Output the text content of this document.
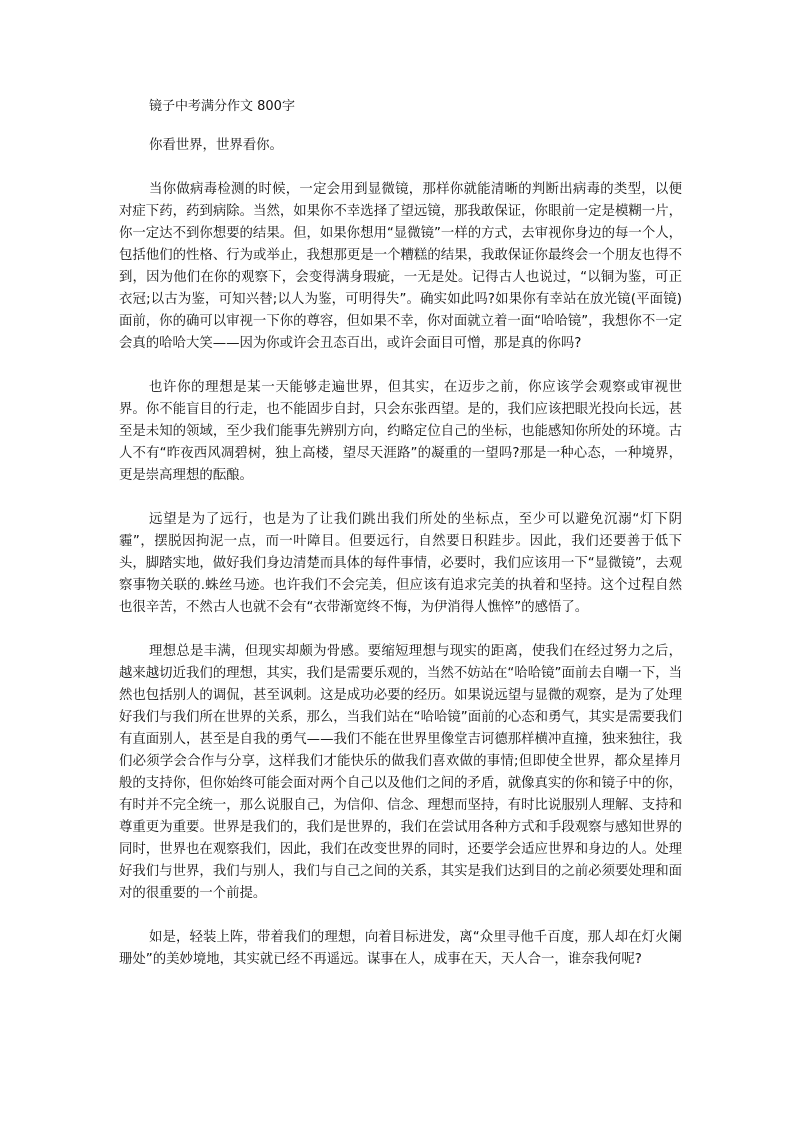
镜子中考满分作文 800字

你看世界，世界看你。

当你做病毒检测的时候，一定会用到显微镜，那样你就能清晰的判断出病毒的类型，以便对症下药，药到病除。当然，如果你不幸选择了望远镜，那我敢保证，你眼前一定是模糊一片，你一定达不到你想要的结果。但，如果你想用“显微镜”一样的方式，去审视你身边的每一个人，包括他们的性格、行为或举止，我想那更是一个糟糕的结果，我敢保证你最终会一个朋友也得不到，因为他们在你的观察下，会变得满身瑕疵，一无是处。记得古人也说过，“以铜为鉴，可正衣冠;以古为鉴，可知兴替;以人为鉴，可明得失”。确实如此吗?如果你有幸站在放光镜(平面镜)面前，你的确可以审视一下你的尊容，但如果不幸，你对面就立着一面“哈哈镜”，我想你不一定会真的哈哈大笑——因为你或许会丑态百出，或许会面目可憎，那是真的你吗?

也许你的理想是某一天能够走遍世界，但其实，在迈步之前，你应该学会观察或审视世界。你不能盲目的行走，也不能固步自封，只会东张西望。是的，我们应该把眼光投向长远，甚至是未知的领域，至少我们能事先辨别方向，约略定位自己的坐标，也能感知你所处的环境。古人不有“昨夜西风凋碧树，独上高楼，望尽天涯路”的凝重的一望吗?那是一种心态，一种境界，更是崇高理想的酝酿。

远望是为了远行，也是为了让我们跳出我们所处的坐标点，至少可以避免沉溺“灯下阴霾”，摆脱因拘泥一点，而一叶障目。但要远行，自然要日积跬步。因此，我们还要善于低下头，脚踏实地，做好我们身边清楚而具体的每件事情，必要时，我们应该用一下“显微镜”，去观察事物关联的.蛛丝马迹。也许我们不会完美，但应该有追求完美的执着和坚持。这个过程自然也很辛苦，不然古人也就不会有“衣带渐宽终不悔，为伊消得人憔悴”的感悟了。

理想总是丰满，但现实却颇为骨感。要缩短理想与现实的距离，使我们在经过努力之后，越来越切近我们的理想，其实，我们是需要乐观的，当然不妨站在“哈哈镜”面前去自嘲一下，当然也包括别人的调侃，甚至讽刺。这是成功必要的经历。如果说远望与显微的观察，是为了处理好我们与我们所在世界的关系，那么，当我们站在“哈哈镜”面前的心态和勇气，其实是需要我们有直面别人，甚至是自我的勇气——我们不能在世界里像堂吉诃德那样横冲直撞，独来独往，我们必须学会合作与分享，这样我们才能快乐的做我们喜欢做的事情;但即使全世界，都众星捧月般的支持你，但你始终可能会面对两个自己以及他们之间的矛盾，就像真实的你和镜子中的你，有时并不完全统一，那么说服自己，为信仰、信念、理想而坚持，有时比说服别人理解、支持和尊重更为重要。世界是我们的，我们是世界的，我们在尝试用各种方式和手段观察与感知世界的同时，世界也在观察我们，因此，我们在改变世界的同时，还要学会适应世界和身边的人。处理好我们与世界，我们与别人，我们与自己之间的关系，其实是我们达到目的之前必须要处理和面对的很重要的一个前提。

如是，轻装上阵，带着我们的理想，向着目标进发，离“众里寻他千百度，那人却在灯火阑珊处”的美妙境地，其实就已经不再遥远。谋事在人，成事在天，天人合一，谁奈我何呢?
